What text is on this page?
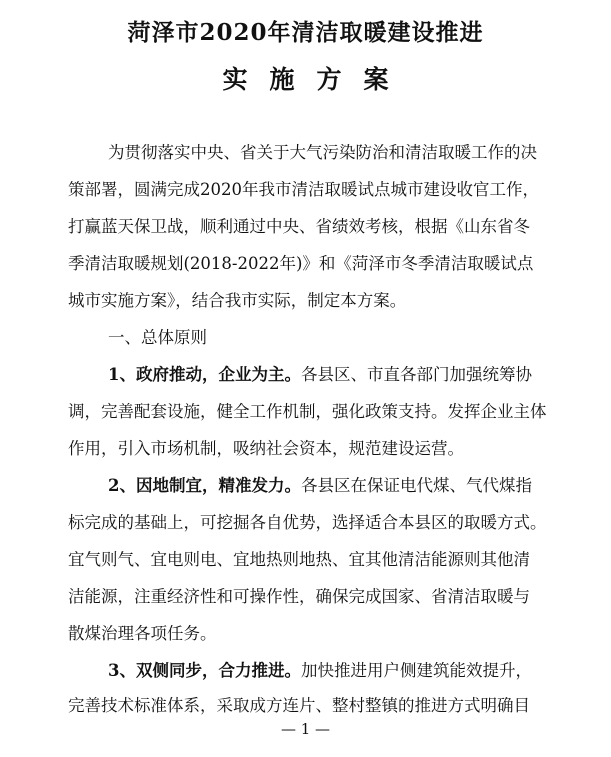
菏泽市2020年清洁取暖建设推进
实施方案
为贯彻落实中央、省关于大气污染防治和清洁取暖工作的决
策部署，圆满完成2020年我市清洁取暖试点城市建设收官工作，
打赢蓝天保卫战，顺利通过中央、省绩效考核，根据《山东省冬
季清洁取暖规划(2018-2022年)》和《菏泽市冬季清洁取暖试点
城市实施方案》，结合我市实际，制定本方案。
一、总体原则
1、政府推动，企业为主。各县区、市直各部门加强统筹协
调，完善配套设施，健全工作机制，强化政策支持。发挥企业主体
作用，引入市场机制，吸纳社会资本，规范建设运营。
2、因地制宜，精准发力。各县区在保证电代煤、气代煤指
标完成的基础上，可挖掘各自优势，选择适合本县区的取暖方式。
宜气则气、宜电则电、宜地热则地热、宜其他清洁能源则其他清
洁能源，注重经济性和可操作性，确保完成国家、省清洁取暖与
散煤治理各项任务。
3、双侧同步，合力推进。加快推进用户侧建筑能效提升，
完善技术标准体系，采取成方连片、整村整镇的推进方式明确目
— 1 —
